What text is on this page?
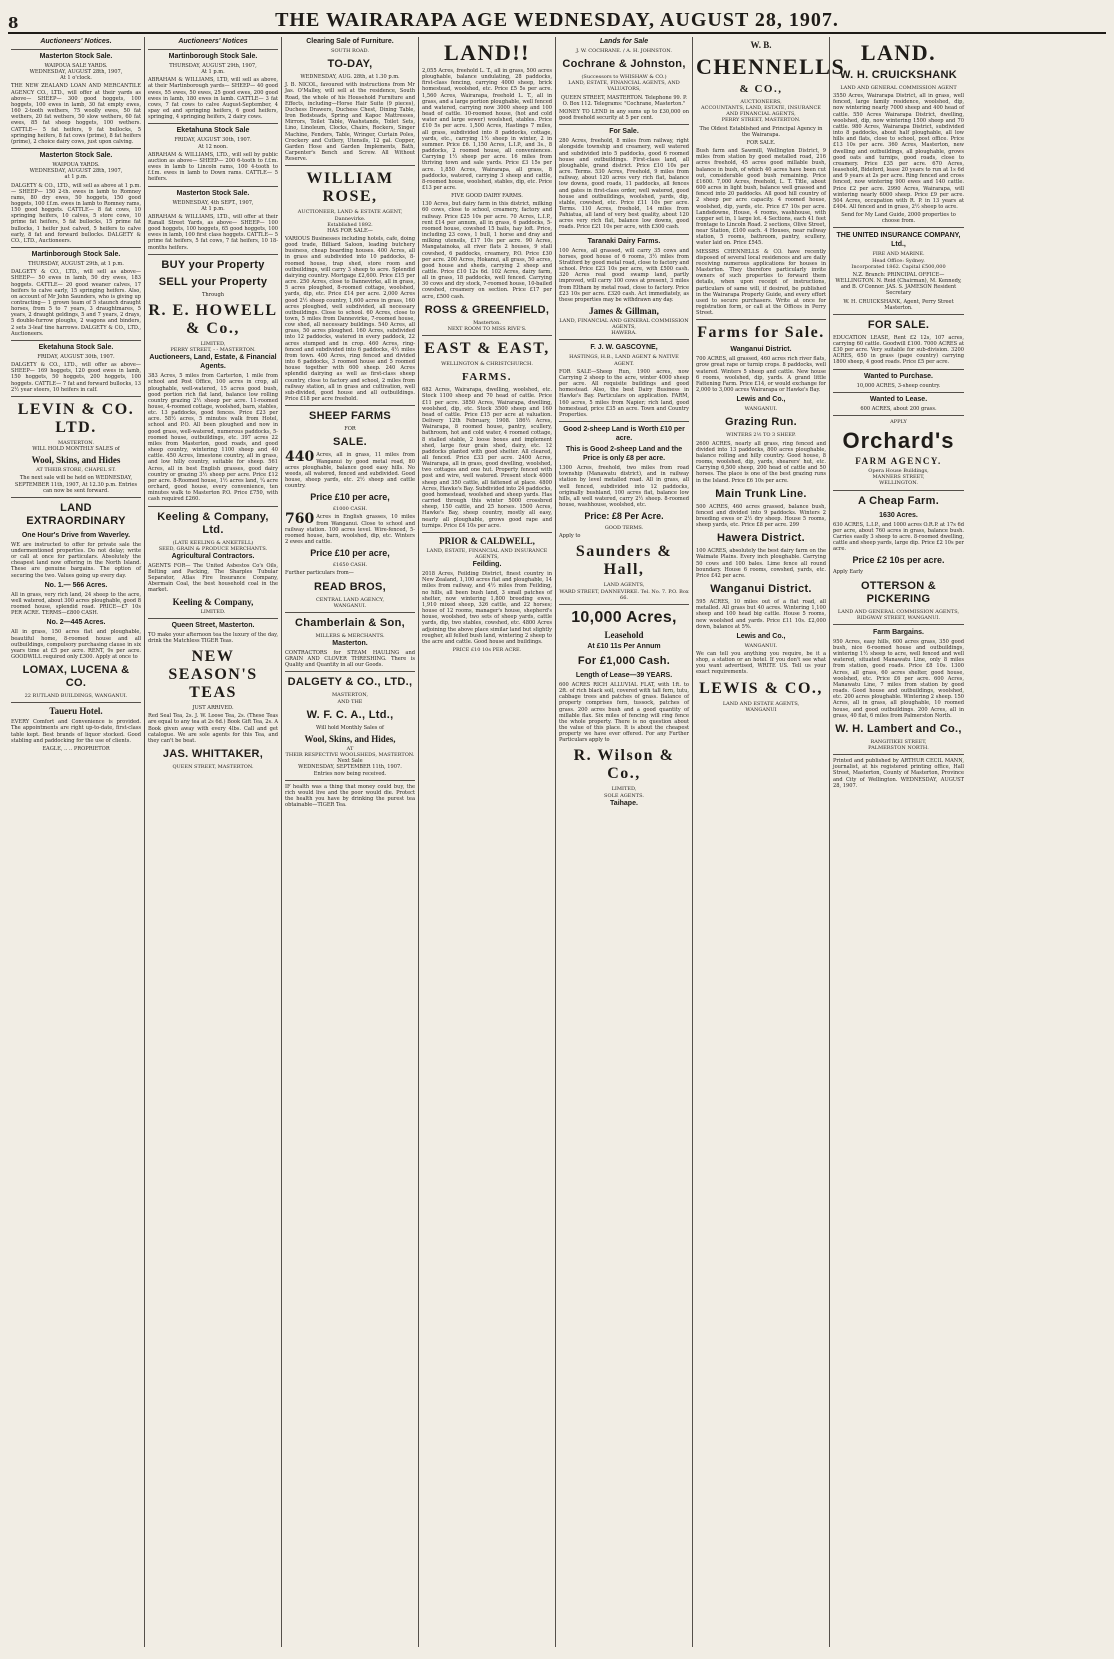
8	THE WAIRARAPA AGE WEDNESDAY, AUGUST 28, 1907.
Auctioneers' Notices.
Masterton Stock Sale.
WAIPOUA SALE YARDS.
WEDNESDAY, AUGUST 28th, 1907,
At 1 o'clock.
THE NEW ZEALAND LOAN AND MERCANTILE AGENCY CO., LTD., will offer at their yards as above— SHEEP— 300 good hoggets, 100 hoggets, 100 ewes in lamb, 30 fat empty ewes, 160 2-tooth wethers, 75 woolly ewes, 50 fat wethers, 20 fat wethers, 50 slow wethers, 60 fat ewes, 85 fat sheep hoggets, 100 wethers. CATTLE— 5 fat heifers, 9 fat bullocks, 5 springing heifers, 8 fat cows (prime), 8 fat heifers (prime), 2 choice dairy cows, just upon calving.
Masterton Stock Sale.
WAIPOUA YARDS.
WEDNESDAY, AUGUST 28th, 1907,
at 1 p.m.
DALGETY & CO., LTD., will sell as above at 1 p.m.— SHEEP— 150 2-th. ewes in lamb to Romney rams, 80 dry ewes, 50 hoggets, 150 good hoggets, 100 f.f.m. ewes in lamb to Romney rams, 150 good hoggets. CATTLE— 8 fat cows, 10 springing heifers, 10 calves, 5 store cows, 10 prime fat heifers, 5 fat bullocks, 15 prime fat bullocks, 1 heifer just calved, 5 heifers to calve early, 8 fat and forward bullocks. DALGETY & CO., LTD., Auctioneers.
Martinborough Stock Sale.
THURSDAY, AUGUST 29th, at 1 p.m.
DALGETY & CO., LTD., will sell as above— SHEEP— 50 ewes in lamb, 50 dry ewes, 183 hoggets. CATTLE— 20 good weaner calves, 17 heifers to calve early, 15 springing heifers. Also, on account of Mr John Saunders, who is giving up contracting— 1 grown team of 5 staunch draught horses, from 5 to 7 years, 3 draughtmares, 5 years, 2 draught geldings, 5 and 7 years, 2 drays, 5 double-furrow ploughs, 2 wagons and binders, 2 sets 3-leaf tine harrows. DALGETY & CO., LTD., Auctioneers.
Eketahuna Stock Sale.
FRIDAY, AUGUST 30th, 1907.
DALGETY & CO., LTD., will offer as above— SHEEP— 169 hoggets, 120 good ewes in lamb, 150 hoggets, 50 hoggets, 200 hoggets, 100 hoggets. CATTLE— 7 fat and forward bullocks, 13 2½ year steers, 10 heifers in calf.
LEVIN & CO. LTD.
MASTERTON.
WILL HOLD MONTHLY SALES of
Wool, Skins, and Hides
AT THEIR STORE, CHAPEL ST.
The next sale will be held on WEDNESDAY, SEPTEMBER 11th, 1907, At 12.30 p.m. Entries can now be sent forward.
LAND EXTRAORDINARY
One Hour's Drive from Waverley.
WE are instructed to offer for private sale the undermentioned properties. Do not delay; write or call at once for particulars. Absolutely the cheapest land now offering in the North Island. These are genuine bargains. The option of securing the two. Values going up every day.
No. 1.— 566 Acres.
All in grass, very rich land, 24 sheep to the acre, well watered, about 300 acres ploughable, good 8 roomed house, splendid road. PRICE—£7 10s PER ACRE. TERMS—£800 CASH.
No. 2—445 Acres.
All in grass, 150 acres flat and ploughable, beautiful home, 8-roomed house and all outbuildings, compulsory purchasing clause in six years time at £5 per acre. RENT, 9s per acre. GOODWILL required only £300. Apply at once to
LOMAX, LUCENA & CO.
22 RUTLAND BUILDINGS, WANGANUI.
Taueru Hotel.
EVERY Comfort and Convenience is provided. The appointments are right up-to-date, first-class table kept. Best brands of liquor stocked. Good stabling and paddocking for the use of clients.
EAGLE, .. .. PROPRIETOR
Auctioneers' Notices
Martinborough Stock Sale.
THURSDAY, AUGUST 29th, 1907,
At 1 p.m.
ABRAHAM & WILLIAMS, LTD, will sell as above, at their Martinborough yards— SHEEP— 40 good ewes, 55 ewes, 50 ewes, 25 good ewes, 200 good ewes in lamb, 180 ewes in lamb. CATTLE— 3 fat cows, 7 fat cows to calve August-September, 4 spay ed and springing heifers, 6 good heifers, springing, 4 springing heifers, 2 dairy cows.
Eketahuna Stock Sale
FRIDAY, AUGUST 30th, 1907.
At 12 noon.
ABRAHAM & WILLIAMS, LTD., will sell by public auction as above— SHEEP— 200 6-tooth to f.f.m. ewes in lamb to Lincoln rams, 100 4-tooth to f.f.m. ewes in lamb to Down rams. CATTLE— 5 heifers.
Masterton Stock Sale.
WEDNESDAY, 4th SEPT., 1907,
At 1 p.m.
ABRAHAM & WILLIAMS, LTD., will offer at their Ranall Street Yards, as above— SHEEP— 100 good hoggets, 100 hoggets, 65 good hoggets, 100 ewes in lamb, 100 first class hoggets. CATTLE— 5 prime fat heifers, 5 fat cows, 7 fat heifers, 10 18-months heifers.
BUY your Property
SELL your Property
Through
R. E. HOWELL & Co.,
LIMITED,
PERRY STREET, - - MASTERTON.
Auctioneers, Land, Estate, & Financial Agents.
383 Acres, 5 miles from Carterton, 1 mile from school and Post Office, 100 acres in crop, all ploughable, well-watered, 15 acres good bush, good portion rich flat land, balance low rolling country grazing 2½ sheep per acre. 11-roomed house, 4-roomed cottage, woolshed, barn, stables, etc. 13 paddocks, good fences. Price £23 per acre. 58½ acres, 5 minutes walk from Hotel, school and P.O. All been ploughed and now in good grass, well-watered, numerous paddocks, 5-roomed house, outbuildings, etc. 397 acres 22 miles from Masterton, good roads, and good sheep country, wintering 1100 sheep and 40 cattle. 450 Acres, limestone country, all in grass, and low hilly country, suitable for sheep. 561 Acres, all in best English grasses, good dairy country or grazing 3½ sheep per acre. Price £12 per acre. 8-Roomed house, 1½ acres land, ¼ acre orchard, good house, every convenience, ten minutes walk to Masterton P.O. Price £750, with cash required £260.
Keeling & Company, Ltd.
(LATE KEELING & ANKETELL)
SEED, GRAIN & PRODUCE MERCHANTS.
Agricultural Contractors.
AGENTS FOR— The United Asbestos Co's Oils, Belting and Packing, The Sharples Tubular Separator, Atlas Fire Insurance Company, Abermain Coal, the best household coal in the market.
Keeling & Company,
LIMITED.
Queen Street, Masterton.
TO make your afternoon tea the luxury of the day, drink the Matchless TIGER Teas.
NEW SEASON'S TEAS
JUST ARRIVED.
Red Seal Tea, 2s. J. W. Loose Tea, 2s. (These Teas are equal to any tea at 2s 6d.) Book Gift Tea, 2s. A Book given away with every 4lbs. Call and get catalogue. We are sole agents for this Tea, and they can't be beat.
JAS. WHITTAKER,
QUEEN STREET, MASTERTON.
Clearing Sale of Furniture.
SOUTH ROAD.
TO-DAY,
WEDNESDAY, AUG. 28th, at 1.30 p.m.
J. B. NICOL, favoured with instructions from Mr Jas. O'Malley, will sell at the residence, South Road, the whole of his Household Furniture and Effects, including—Horse Hair Suite (9 pieces), Duchess Drawers, Duchess Chest, Dining Table, Iron Bedsteads, Spring and Kapoc Mattresses, Mirrors, Toilet Table, Washstands, Toilet Sets, Lino, Linoleum, Clocks, Chairs, Rockers, Singer Machine, Fenders, Table, Wringer, Curtain Poles, Crockery and Cutlery, Utensils, 12 gal. Copper, Garden Hose and Garden Implements, Bath, Carpenter's Bench and Screw. All Without Reserve.
WILLIAM ROSE,
AUCTIONEER, LAND & ESTATE AGENT, Dannevirke.
Established 1892.
HAS FOR SALE—
VARIOUS Businesses including hotels, cafe, doing good trade, Billiard Saloon, leading butchery business, cheap boarding houses. 400 Acres, all in grass and subdivided into 10 paddocks, 8-roomed house, trap shed, store room and outbuildings, will carry 3 sheep to acre. Splendid dairying country. Mortgage £2,600. Price £15 per acre. 250 Acres, close to Dannevirke, all in grass, 5 acres ploughed, 8-roomed cottage, woolshed, yards, dip, etc. Price £14 per acre. 2,000 Acres good 2½ sheep country, 1,600 acres in grass, 160 acres ploughed, well subdivided, all necessary outbuildings. Close to school. 60 Acres, close to town, 5 miles from Dannevirke, 7-roomed house, cow shed, all necessary buildings. 540 Acres, all grass, 50 acres ploughed. 160 Acres, subdivided into 12 paddocks, watered in every paddock, 22 acres stumped and in crop. 460 Acres, ring-fenced and subdivided into 6 paddocks, 4½ miles from town. 400 Acres, ring fenced and divided into 6 paddocks, 3 roomed house and 5 roomed house together with 600 sheep. 240 Acres splendid dairying as well as first-class sheep country, close to factory and school, 2 miles from railway station, all in grass and cultivation, well sub-divided, good house and all outbuildings. Price £18 per acre freehold.
SHEEP FARMS
FOR
SALE.
440 Acres, all in grass, 11 miles from Wanganui by good metal road, 80 acres ploughable, balance good easy hills. No weeds, all watered, fenced and subdivided. Good house, sheep yards, etc. 2½ sheep and cattle country.
Price £10 per acre,
£1000 CASH.
760 Acres in English grasses, 10 miles from Wanganui. Close to school and railway station. 100 acres level. Wire-fenced, 5-roomed house, barn, woolshed, dip, etc. Winters 2 ewes and cattle.
Price £10 per acre,
£1650 CASH.
Further particulars from—
READ BROS,
CENTRAL LAND AGENCY,
WANGANUI.
Chamberlain & Son,
MILLERS & MERCHANTS.
Masterton.
CONTRACTORS for STEAM HAULING and GRAIN AND CLOVER THRESHING. There is Quality and Quantity in all our Goods.
DALGETY & CO., LTD.,
MASTERTON,
AND THE
W. F. C. A., Ltd.,
Will hold Monthly Sales of
Wool, Skins, and Hides,
AT
THEIR RESPECTIVE WOOLSHEDS, MASTERTON.
Next Sale
WEDNESDAY, SEPTEMBER 11th, 1907.
Entries now being received.
IF health was a thing that money could buy, the rich would live and the poor would die. Protect the health you have by drinking the purest tea obtainable—TIGER Tea.
LAND!!
2,055 Acres, freehold L. T., all in grass, 500 acres ploughable, balance undulating, 28 paddocks, first-class fencing, carrying 4000 sheep, brick homestead, woolshed, etc. Price £5 5s per acre. 1,560 Acres, Wairarapa, freehold L. T., all in grass, and a large portion ploughable, well fenced and watered, carrying now 3000 sheep and 100 head of cattle. 10-roomed house, (hot and cold water and large sewer) woolshed, stables. Price £10 5s per acre. 1,500 Acres, Hastings 7 miles, all grass, subdivided into 8 paddocks, cottage, yards, etc., carrying 1½ sheep in winter, 2 in summer. Price £6. 1,150 Acres, L.I.P., and 3s., 8 paddocks, 2 roomed house, all conveniences. Carrying 1½ sheep per acre. 16 miles from thriving town and sale yards. Price £3 15s per acre. 1,850 Acres, Wairarapa, all grass, 8 paddocks, watered, carrying 3 sheep and cattle, 8-roomed house, woolshed, stables, dip, etc. Price £13 per acre.
FIVE GOOD DAIRY FARMS.
130 Acres, but dairy farm in this district, milking 60 cows, close to school, creamery, factory and railway. Price £25 10s per acre. 70 Acres, L.I.P., rent £14 per annum, all in grass, 6 paddocks, 5-roomed house, cowshed 15 bails, hay loft. Price, including 23 cows, 1 bull, 1 horse and dray and milking utensils, £17 10s per acre. 90 Acres, Mangatainoka, all river flats 2 houses, 9 stall cowshed, 6 paddocks, creamery, P.O. Price £30 per acre. 200 Acres, Hokanui, all grass, 50 acres, good house and sheds, carrying 2 sheep and cattle. Price £10 12s 6d. 102 Acres, dairy farm, all in grass, 18 paddocks, well fenced. Carrying 30 cows and dry stock, 7-roomed house, 10-bailed cowshed, creamery on section. Price £17 per acre, £500 cash.
ROSS & GREENFIELD,
Masterton.
NEXT ROOM TO MISS RIVE'S.
EAST & EAST,
WELLINGTON & CHRISTCHURCH.
FARMS.
682 Acres, Wairarapa, dwelling, woolshed, etc. Stock 1100 sheep and 70 head of cattle. Price £11 per acre. 3850 Acres, Wairarapa, dwelling, woolshed, dip, etc. Stock 3500 sheep and 160 head of cattle. Price £15 per acre at valuation. Delivery 12th February, 1908. 186½ Acres, Wairarapa, 8 roomed house, pantry, scullery, bathroom, hot and cold water, 4 roomed cottage, 8 stalled stable, 2 loose boxes and implement shed, large four grain shed, dairy, etc. 12 paddocks planted with good shelter. All cleared, all fenced. Price £33 per acre. 2400 Acres, Wairarapa, all in grass, good dwelling, woolshed, two cottages and one hut. Property fenced with post and wire, well watered. Present stock 4000 sheep and 350 cattle, all fattened at place. 4800 Acres, Hawke's Bay. Subdivided into 24 paddocks, good homestead, woolshed and sheep yards. Has carried through this winter 5000 crossbred sheep, 150 cattle, and 25 horses. 1500 Acres, Hawke's Bay, sheep country, mostly all easy, nearly all ploughable, grows good rape and turnips. Price £4 10s per acre.
PRIOR & CALDWELL,
LAND, ESTATE, FINANCIAL AND INSURANCE AGENTS,
Feilding.
2018 Acres, Feilding District, finest country in New Zealand, 1,100 acres flat and ploughable, 14 miles from railway, and 4½ miles from Feilding, no hills, all been bush land, 3 small patches of shelter, now wintering 1,800 breeding ewes, 1,910 mixed sheep, 326 cattle, and 22 horses; house of 12 rooms, manager's house, shepherd's house, woolshed, two sets of sheep yards, cattle yards, dip, two stables, cowshed, etc. 4800 Acres adjoining the above place similar land but slightly rougher, all felled bush land, wintering 2 sheep to the acre and cattle. Good house and buildings.
PRICE £10 10s PER ACRE.
Lands for Sale
J. W. COCHRANE. / A. H. JOHNSTON.
Cochrane & Johnston,
(Successors to WHISHAW & CO.)
LAND, ESTATE, FINANCIAL AGENTS, AND VALUATORS,
QUEEN STREET, MASTERTON. Telephone 99. P. O. Box 112. Telegrams: "Cochrane, Masterton."
MONEY TO LEND in any sums up to £30,000 on good freehold security at 5 per cent.
For Sale.
280 Acres, freehold, 8 miles from railway, right alongside township and creamery, well watered and subdivided into 5 paddocks, good 6 roomed house and outbuildings. First-class land, all ploughable, grand district. Price £10 10s per acre. Terms. 530 Acres, Freehold, 9 miles from railway, about 120 acres very rich flat, balance low downs, good roads, 11 paddocks, all fences and gates in first-class order, well watered, good house and outbuildings, woolshed, yards, dip, stable, cowshed, etc. Price £11 10s per acre. Terms. 110 Acres, freehold, 14 miles from Pahiatua, all land of very best quality, about 120 acres very rich flat, balance low downs, good roads. Price £21 10s per acre, with £300 cash.
Taranaki Dairy Farms.
100 Acres, all grassed, will carry 35 cows and horses, good house of 6 rooms, 3½ miles from Stratford by good metal road, close to factory and school. Price £23 10s per acre, with £500 cash. 320 Acres real good swamp land, partly improved, will carry 100 cows at present, 3 miles from Eltham by metal road, close to factory. Price £23 10s per acre. £320 cash. Act immediately, as these properties may be withdrawn any day.
James & Gillman,
LAND, FINANCIAL AND GENERAL COMMISSION AGENTS,
HAWERA.
F. J. W. GASCOYNE,
HASTINGS, H.B., LAND AGENT & NATIVE AGENT.
FOR SALE—Sheep Run, 1900 acres, now Carrying 2 sheep to the acre, winter 4000 sheep per acre. All requisite buildings and good homestead. Also, the best Dairy Business in Hawke's Bay. Particulars on application. FARM, 160 acres, 5 miles from Napier; rich land, good homestead, price £35 an acre. Town and Country Properties.
Good 2-sheep Land is Worth £10 per acre.
This is Good 2-sheep Land and the Price is only £8 per acre.
1300 Acres, freehold, two miles from road township (Manawatu district), and in railway station by level metalled road. All in grass, all well fenced, subdivided into 12 paddocks, originally bushland, 100 acres flat, balance low hills, all well watered, carry 2½ sheep. 8-roomed house, washhouse, woolshed, etc.
Price: £8 Per Acre.
GOOD TERMS.
Apply to
Saunders & Hall,
LAND AGENTS,
WARD STREET, DANNEVIRKE. Tel. No. 7. P.O. Box 66.
10,000 Acres,
Leasehold
At £10 11s Per Annum
For £1,000 Cash.
Length of Lease—39 YEARS.
600 ACRES RICH ALLUVIAL FLAT, with 1ft. to 2ft. of rich black soil, covered with tall fern, tutu, cabbage trees and patches of grass. Balance of property comprises fern, tussock, patches of grass. 200 acres bush and a good quantity of millable flax. Six miles of fencing will ring fence the whole property. There is no question about the value of this place. It is about the cheapest property we have ever offered. For any Further Particulars apply to
R. Wilson & Co.,
LIMITED,
SOLE AGENTS.
Taihape.
W. B.
CHENNELLS
& CO.,
AUCTIONEERS,
ACCOUNTANTS, LAND, ESTATE, INSURANCE AND FINANCIAL AGENTS,
PERRY STREET, MASTERTON.
The Oldest Established and Principal Agency in the Wairarapa.
FOR SALE.
Bush farm and Sawmill, Wellington District, 9 miles from station by good metalled road, 216 acres freehold, 45 acres good millable bush, balance in bush, of which 40 acres have been cut out, considerable good bush remaining. Price £1600. 7,000 Acres, freehold, L. T. Title, about 600 acres in light bush, balance well grassed and fenced into 20 paddocks. All good hill country of 2 sheep per acre capacity. 4 roomed house, woolshed, dip, yards, etc. Price £7 10s per acre. Landsdowne, House, 4 rooms, washhouse, with copper set in, 1 large lot. 4 Sections, each 41 feet frontage to Lincoln Road. 2 sections, Olive Street, near Station, £100 each. 4 Houses, near railway station, 5 rooms, bathroom, pantry, scullery, water laid on. Price £545.
MESSRS CHENNELLS & CO. have recently disposed of several local residences and are daily receiving numerous applications for houses in Masterton. They therefore particularly invite owners of such properties to forward them details, when upon receipt of instructions, particulars of same will, if desired, be published in the Wairarapa Property Guide, and every effort used to secure purchasers. Write at once for registration form, or call at the Offices in Perry Street.
Farms for Sale.
Wanganui District.
700 ACRES, all grassed, 460 acres rich river flats, grow great rape or turnip crops. 8 paddocks, well watered. Winters 5 sheep and cattle. New house 6 rooms, woolshed, dip, yards. A grand little Fattening Farm. Price £14, or would exchange for 2,000 to 3,000 acres Wairarapa or Hawke's Bay.
Lewis and Co.,
WANGANUI.
Grazing Run.
WINTERS 2½ TO 3 SHEEP.
2600 ACRES, nearly all grass, ring fenced and divided into 13 paddocks, 800 acres ploughable, balance rolling and hilly country. Good house, 8 rooms, woolshed, dip, yards, shearers' hut, etc. Carrying 6,500 sheep, 200 head of cattle and 50 horses. The place is one of the best grazing runs in the Island. Price £6 10s per acre.
Main Trunk Line.
500 ACRES, 460 acres grassed, balance bush, fenced and divided into 9 paddocks. Winters 2 breeding ewes or 2½ dry sheep. House 5 rooms, sheep yards, etc. Price £8 per acre. 299
Hawera District.
100 ACRES, absolutely the best dairy farm on the Waimate Plains. Every inch ploughable. Carrying 50 cows and 100 bales. Lime fence all round boundary. House 6 rooms, cowshed, yards, etc. Price £42 per acre.
Wanganui District.
595 ACRES, 10 miles out of a flat road, all metalled. All grass but 40 acres. Wintering 1,100 sheep and 100 head big cattle. House 5 rooms, new woolshed and yards. Price £11 10s. £2,000 down, balance at 5%.
Lewis and Co.,
WANGANUI.
We can tell you anything you require, be it a shop, a station or an hotel. If you don't see what you want advertised, WRITE US. Tell us your exact requirements.
LEWIS & CO.,
LAND AND ESTATE AGENTS,
WANGANUI
LAND.
W. H. CRUICKSHANK
LAND AND GENERAL COMMISSION AGENT
3550 Acres, Wairarapa District, all in grass, well fenced, large family residence, woolshed, dip, now wintering nearly 7000 sheep and 400 head of cattle. 550 Acres Wairarapa District, dwelling, woolshed, dip, now wintering 1500 sheep and 70 cattle. 980 Acres, Wairarapa District, subdivided into 8 paddocks, about half ploughable, all low hills and flats, close to school, post office. Price £13 10s per acre. 360 Acres, Masterton, new dwelling and outbuildings, all ploughable, grows good oats and turnips, good roads, close to creamery. Price £35 per acre. 670 Acres, leasehold, Bideford, lease 20 years to run at 1s 6d and 9 years at 2s per acre. Ring fenced and cross fenced, now wintering 900 ewes and 140 cattle. Price £2 per acre. 2990 Acres, Wairarapa, will wintering nearly 6000 sheep. Price £9 per acre. 504 Acres, occupation with R. P. in 13 years at £404. All fenced and in grass, 2½ sheep to acre.
Send for My Land Guide, 2000 properties to choose from.
THE UNITED INSURANCE COMPANY, Ltd.,
FIRE AND MARINE.
Head Office: Sydney.
Incorporated 1862. Capital £500,000
N.Z. Branch: PRINCIPAL OFFICE—WELLINGTON. N. Reid (Chairman), M. Kennedy, and B. O'Connor. JAS. S. JAMESON Resident Secretary
W. H. CRUICKSHANK, Agent, Perry Street Masterton.
FOR SALE.
EDUCATION LEASE, Rent £2 12s, 107 acres, carrying 60 cattle. Goodwill £100. 7000 ACRES at £30 per acre. Very suitable for sub-division. 3200 ACRES, 650 in grass (page country) carrying 1800 sheep, 4 good roads. Price £5 per acre.
Wanted to Purchase.
10,000 ACRES, 3-sheep country.
Wanted to Lease.
600 ACRES, about 200 grass.
APPLY
Orchard's
FARM AGENCY.
Opera House Buildings,
MANNERS STREET,
WELLINGTON.
A Cheap Farm.
1630 Acres.
630 ACRES, L.I.P., and 1000 acres O.R.P. at 17s 6d per acre, about 760 acres in grass, balance bush. Carries easily 3 sheep to acre. 8-roomed dwelling, cattle and sheep yards, large dip. Price £2 10s per acre.
Price £2 10s per acre.
Apply Early
OTTERSON & PICKERING
LAND AND GENERAL COMMISSION AGENTS,
RIDGWAY STREET, WANGANUI.
Farm Bargains.
950 Acres, easy hills, 600 acres grass, 350 good bush, nice 6-roomed house and outbuildings, wintering 1½ sheep to acre, well fenced and well watered, situated Manawatu Line, only 8 miles from station, good roads. Price £8 10s. 1300 Acres, all grass, 60 acres shelter, good house, woolshed, etc. Price £6 per acre. 600 Acres, Manawatu Line, 7 miles from station by good roads. Good house and outbuildings, woolshed, etc. 200 acres ploughable. Wintering 2 sheep. 150 Acres, all in grass, all ploughable, 10 roomed house, and good outbuildings. 200 Acres, all in grass, 40 flat, 6 miles from Palmerston North.
W. H. Lambert and Co.,
RANGITIKEI STREET,
PALMERSTON NORTH.
Printed and published by ARTHUR CECIL MANN, journalist, at his registered printing office, Hall Street, Masterton, County of Masterton, Province and City of Wellington. WEDNESDAY, AUGUST 28, 1907.
